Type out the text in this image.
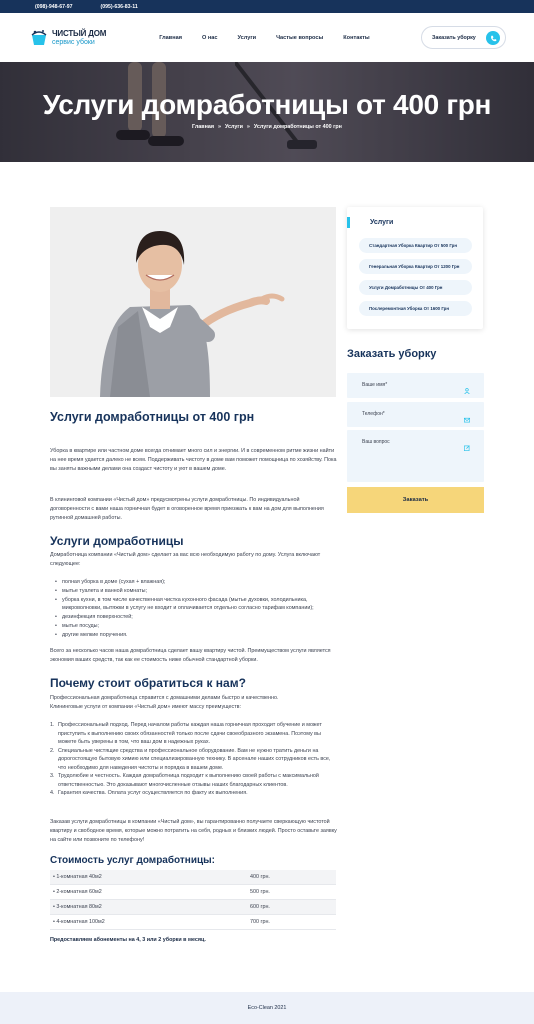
(098)-948-67-97	(095)-636-83-11
ЧИСТЫЙ ДОМ
сервис убоки
Главная	О нас	Услуги	Частые вопросы	Контакты	Заказать уборку
Услуги домработницы от 400 грн
Главная » Услуги » Услуги домработницы от 400 грн
Услуги домработницы от 400 грн

Уборка в квартире или частном доме всегда отнимает много сил и энергии. И в современном ритме жизни найти на нее время удается далеко не всем. Поддерживать чистоту в доме вам поможет помощница по хозяйству. Пока вы заняты важными делами она создаст чистоту и уют в вашем доме.

В клининговой компании «Чистый дом» предусмотрены услуги домработницы. По индивидуальной договоренности с вами наша горничная будет в оговоренное время приезжать к вам на дом для выполнения рутинной домашней работы.

Услуги домработницы

Домработница компании «Чистый дом» сделает за вас всю необходимую работу по дому. Услуга включают следующее:

• полная уборка в доме (сухая + влажная);
• мытье туалета и ванной комнаты;
• уборка кухни, в том числе качественная чистка кухонного фасада (мытье духовки, холодильника, микроволновки, вытяжки в услугу не входит и оплачивается отдельно согласно тарифам компании);
• дезинфекция поверхностей;
• мытье посуды;
• другие мелкие поручения.

Всего за несколько часов наша домработница сделает вашу квартиру чистой. Преимуществом услуги является экономия ваших средств, так как ее стоимость ниже обычной стандартной уборки.

Почему стоит обратиться к нам?

Профессиональная домработница справится с домашними делами быстро и качественно.

Клининговые услуги от компании «Чистый дом» имеют массу преимуществ:

1. Профессиональный подход. Перед началом работы каждая наша горничная проходит обучение и может приступить к выполнению своих обязанностей только после сдачи своеобразного экзамена. Поэтому вы можете быть уверены в том, что ваш дом в надежных руках.
2. Специальные чистящие средства и профессиональное оборудование. Вам не нужно тратить деньги на дорогостоящую бытовую химию или специализированную технику. В арсенале наших сотрудников есть все, что необходимо для наведения чистоты и порядка в вашем доме.
3. Трудолюбие и честность. Каждая домработница подходит к выполнению своей работы с максимальной ответственностью. Это доказывают многочисленные отзывы наших благодарных клиентов.
4. Гарантия качества. Оплата услуг осуществляется по факту их выполнения.

Заказав услуги домработницы в компании «Чистый дом», вы гарантированно получаете сверкающую чистотой квартиру и свободное время, которые можно потратить на себя, родных и близких людей. Просто оставьте заявку на сайте или позвоните по телефону!

Стоимость услуг домработницы:
• 1-комнатная 40м2	400 грн.
• 2-комнатная 60м2	500 грн.
• 3-комнатная 80м2	600 грн.
• 4-комнатная 100м2	700 грн.
Предоставляем абонементы на 4, 3 или 2 уборки в месяц.
Услуги
Стандартная Уборка Квартир От 500 Грн
Генеральная Уборка Квартир От 1200 Грн
Услуги Домработницы От 400 Грн
Послеремонтная Уборка От 1600 Грн
Заказать уборку
Ваше имя*
Телефон*
Ваш вопрос
Заказать
Eco-Clean 2021
